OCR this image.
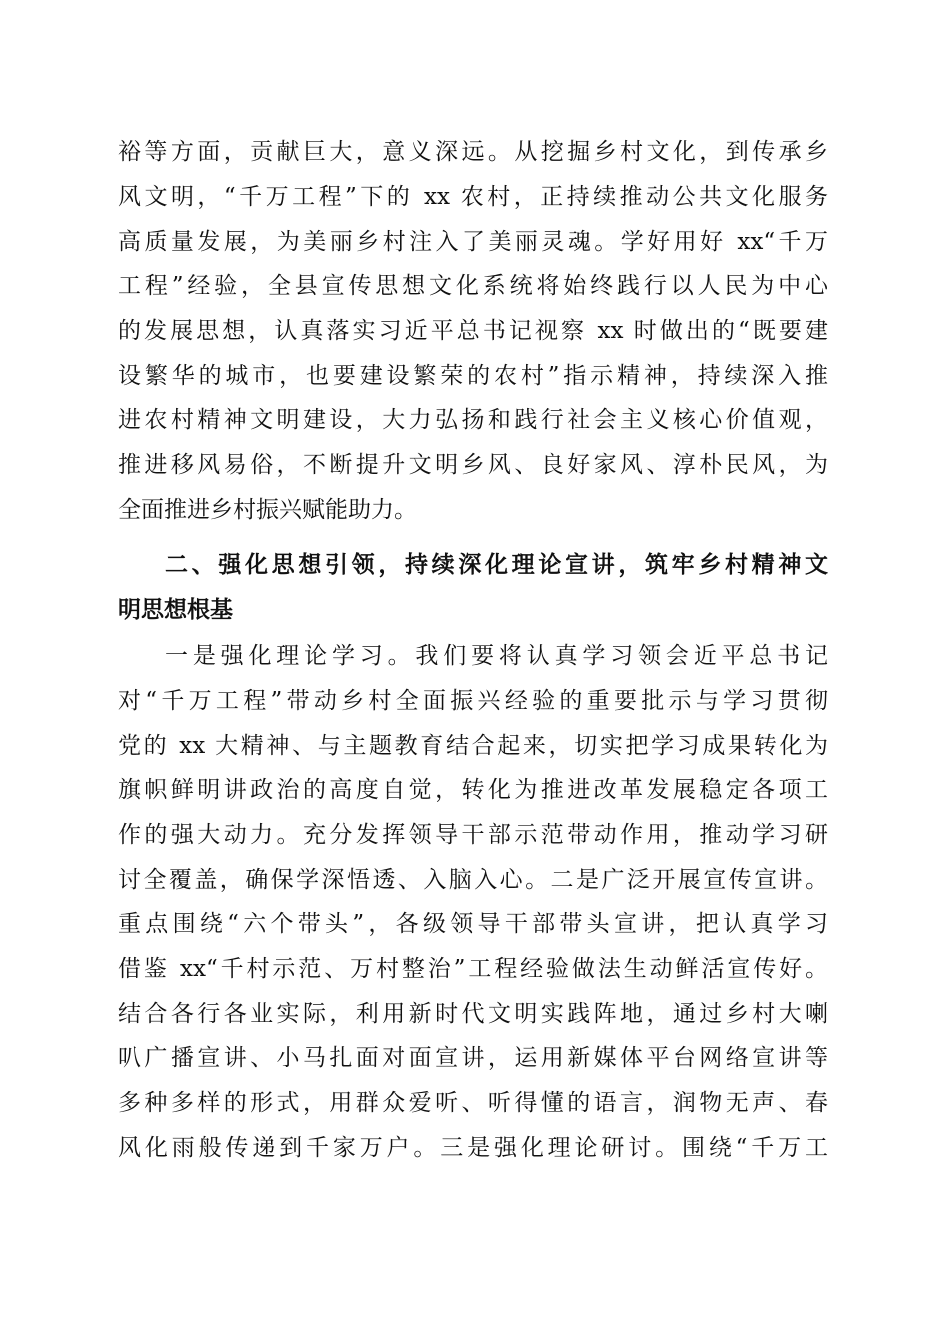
裕等方面，贡献巨大，意义深远。从挖掘乡村文化，到传承乡
风文明，“千万工程”下的 xx 农村，正持续推动公共文化服务
高质量发展，为美丽乡村注入了美丽灵魂。学好用好 xx“千万
工程”经验，全县宣传思想文化系统将始终践行以人民为中心
的发展思想，认真落实习近平总书记视察 xx 时做出的“既要建
设繁华的城市，也要建设繁荣的农村”指示精神，持续深入推
进农村精神文明建设，大力弘扬和践行社会主义核心价值观，
推进移风易俗，不断提升文明乡风、良好家风、淳朴民风，为
全面推进乡村振兴赋能助力。
二、强化思想引领，持续深化理论宣讲，筑牢乡村精神文
明思想根基
一是强化理论学习。我们要将认真学习领会近平总书记
对“千万工程”带动乡村全面振兴经验的重要批示与学习贯彻
党的 xx 大精神、与主题教育结合起来，切实把学习成果转化为
旗帜鲜明讲政治的高度自觉，转化为推进改革发展稳定各项工
作的强大动力。充分发挥领导干部示范带动作用，推动学习研
讨全覆盖，确保学深悟透、入脑入心。二是广泛开展宣传宣讲。
重点围绕“六个带头”，各级领导干部带头宣讲，把认真学习
借鉴 xx“千村示范、万村整治”工程经验做法生动鲜活宣传好。
结合各行各业实际，利用新时代文明实践阵地，通过乡村大喇
叭广播宣讲、小马扎面对面宣讲，运用新媒体平台网络宣讲等
多种多样的形式，用群众爱听、听得懂的语言，润物无声、春
风化雨般传递到千家万户。三是强化理论研讨。围绕“千万工
